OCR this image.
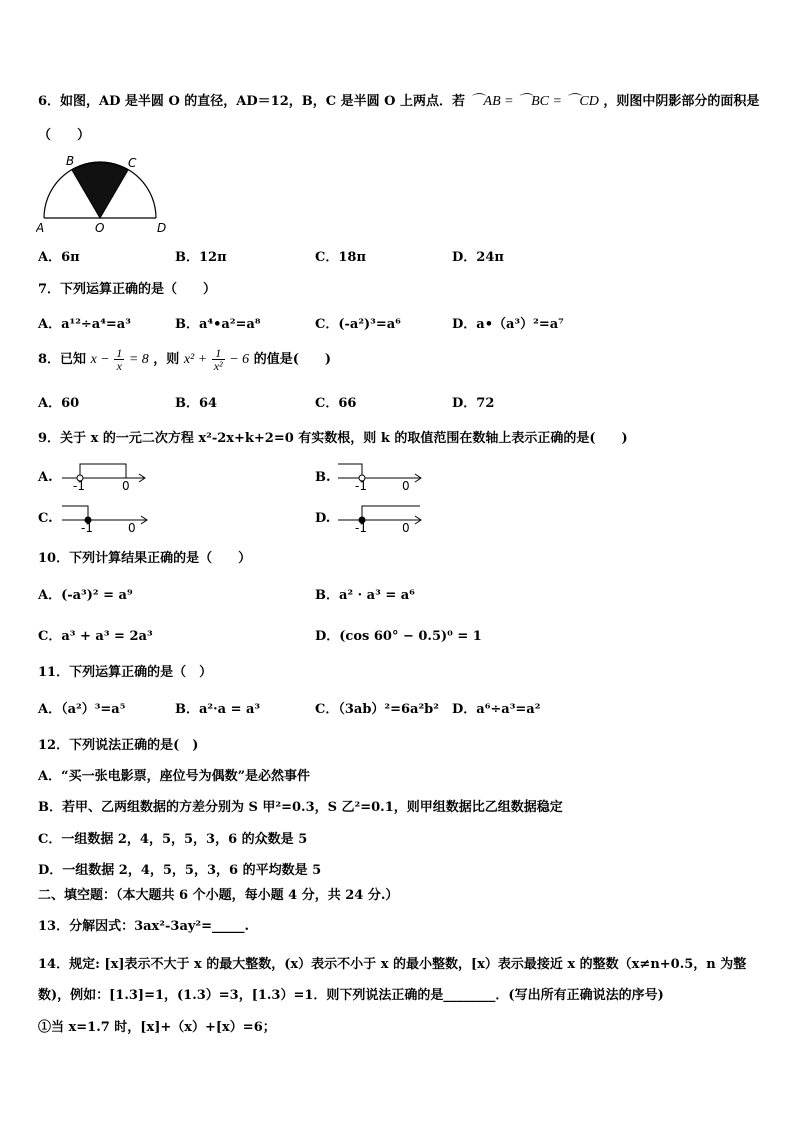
6．如图，AD 是半圆 O 的直径，AD＝12，B，C 是半圆 O 上两点．若 ⌒AB = ⌒BC = ⌒CD ，则图中阴影部分的面积是
（　　）
A
B	C
D
O
A．6π	B．12π	C．18π	D．24π
7．下列运算正确的是（　　）
A．a¹²÷a⁴=a³	B．a⁴•a²=a⁸	C．(-a²)³=a⁶	D．a•（a³）²=a⁷
8．已知 $x - \frac{1}{x} = 8$ ，则 $x^2 + \frac{1}{\text{x²}} - 6$ 的值是(　　)
A．60	B．64	C．66	D．72
9．关于 x 的一元二次方程 x²-2x+k+2=0 有实数根，则 k 的取值范围在数轴上表示正确的是(　　)
A.
-1	0
B.
-1	0
C.
-1	0
D.
-1	0
10．下列计算结果正确的是（　　）
A．(-a³)² = a⁹	B．a² · a³ = a⁶
C．a³ + a³ = 2a³	D．(cos 60° − 0.5)⁰ = 1
11．下列运算正确的是（　）
A．（a²）³=a⁵	B．a²·a = a³	C．（3ab）²=6a²b² D．a⁶÷a³=a²
12．下列说法正确的是(　)
A．“买一张电影票，座位号为偶数”是必然事件
B．若甲、乙两组数据的方差分别为 S 甲²=0.3，S 乙²=0.1，则甲组数据比乙组数据稳定
C．一组数据 2，4，5，5，3，6 的众数是 5
D．一组数据 2，4，5，5，3，6 的平均数是 5
二、填空题：（本大题共 6 个小题，每小题 4 分，共 24 分.）
13．分解因式：3ax²-3ay²=_____.
14．规定: [x]表示不大于 x 的最大整数，(x）表示不小于 x 的最小整数，[x）表示最接近 x 的整数（x≠n+0.5，n 为整
数)，例如：[1.3]=1，(1.3）=3，[1.3）=1．则下列说法正确的是________．(写出所有正确说法的序号)
①当 x=1.7 时，[x]+（x）+[x）=6；
